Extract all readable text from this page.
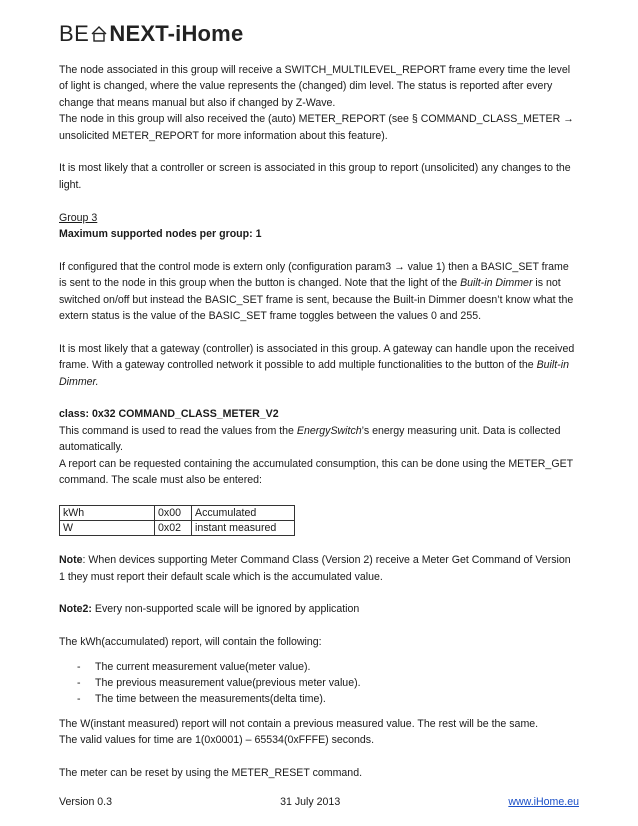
BE NEXT-iHome

The node associated in this group will receive a SWITCH_MULTILEVEL_REPORT frame every time the level of light is changed, where the value represents the (changed) dim level. The status is reported after every change that means manual but also if changed by Z-Wave.

The node in this group will also received the (auto) METER_REPORT (see § COMMAND_CLASS_METER → unsolicited METER_REPORT for more information about this feature).

It is most likely that a controller or screen is associated in this group to report (unsolicited) any changes to the light.

Group 3

Maximum supported nodes per group: 1

If configured that the control mode is extern only (configuration param3 → value 1) then a BASIC_SET frame is sent to the node in this group when the button is changed. Note that the light of the Built-in Dimmer is not switched on/off but instead the BASIC_SET frame is sent, because the Built-in Dimmer doesn’t know what the extern status is the value of the BASIC_SET frame toggles between the values 0 and 255.

It is most likely that a gateway (controller) is associated in this group. A gateway can handle upon the received frame. With a gateway controlled network it possible to add multiple functionalities to the button of the Built-in Dimmer.

class: 0x32 COMMAND_CLASS_METER_V2

This command is used to read the values from the EnergySwitch’s energy measuring unit. Data is collected automatically.

A report can be requested containing the accumulated consumption, this can be done using the METER_GET command. The scale must also be entered:

kWh	0x00	Accumulated
W	0x02	instant measured

Note: When devices supporting Meter Command Class (Version 2) receive a Meter Get Command of Version 1 they must report their default scale which is the accumulated value.

Note2: Every non-supported scale will be ignored by application

The kWh(accumulated) report, will contain the following:

- The current measurement value(meter value).
- The previous measurement value(previous meter value).
- The time between the measurements(delta time).

The W(instant measured) report will not contain a previous measured value. The rest will be the same.

The valid values for time are 1(0x0001) – 65534(0xFFFE) seconds.

The meter can be reset by using the METER_RESET command.

Version 0.3	31 July 2013	www.iHome.eu
